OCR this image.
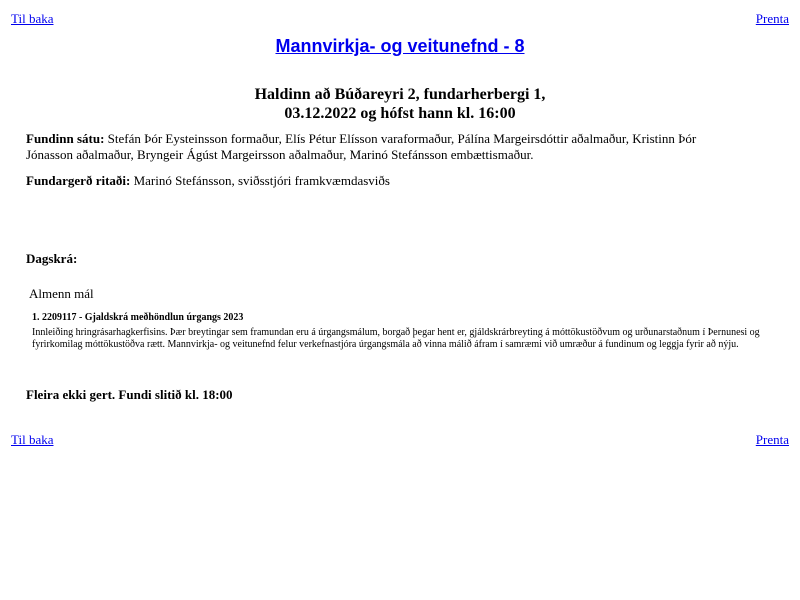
Til baka	Prenta
Mannvirkja- og veitunefnd - 8
Haldinn að Búðareyri 2, fundarherbergi 1,
03.12.2022 og hófst hann kl. 16:00
Fundinn sátu: Stefán Þór Eysteinsson formaður, Elís Pétur Elísson varaformaður, Pálína Margeirsdóttir aðalmaður, Kristinn Þór Jónasson aðalmaður, Bryngeir Ágúst Margeirsson aðalmaður, Marinó Stefánsson embættismaður.
Fundargerð ritaði: Marinó Stefánsson, sviðsstjóri framkvæmdasviðs
Dagskrá:
Almenn mál
1. 2209117 - Gjaldskrá meðhöndlun úrgangs 2023
Innleiðing hringrásarhagkerfisins. Þær breytingar sem framundan eru á úrgangsmálum, borgað þegar hent er, gjáldskrárbreyting á móttökustöðvum og urðunarstaðnum í Þernunesi og fyrirkomilag móttökustöðva rætt. Mannvirkja- og veitunefnd felur verkefnastjóra úrgangsmála að vinna málið áfram í samræmi við umræður á fundinum og leggja fyrir að nýju.
Fleira ekki gert. Fundi slitið kl. 18:00
Til baka	Prenta
